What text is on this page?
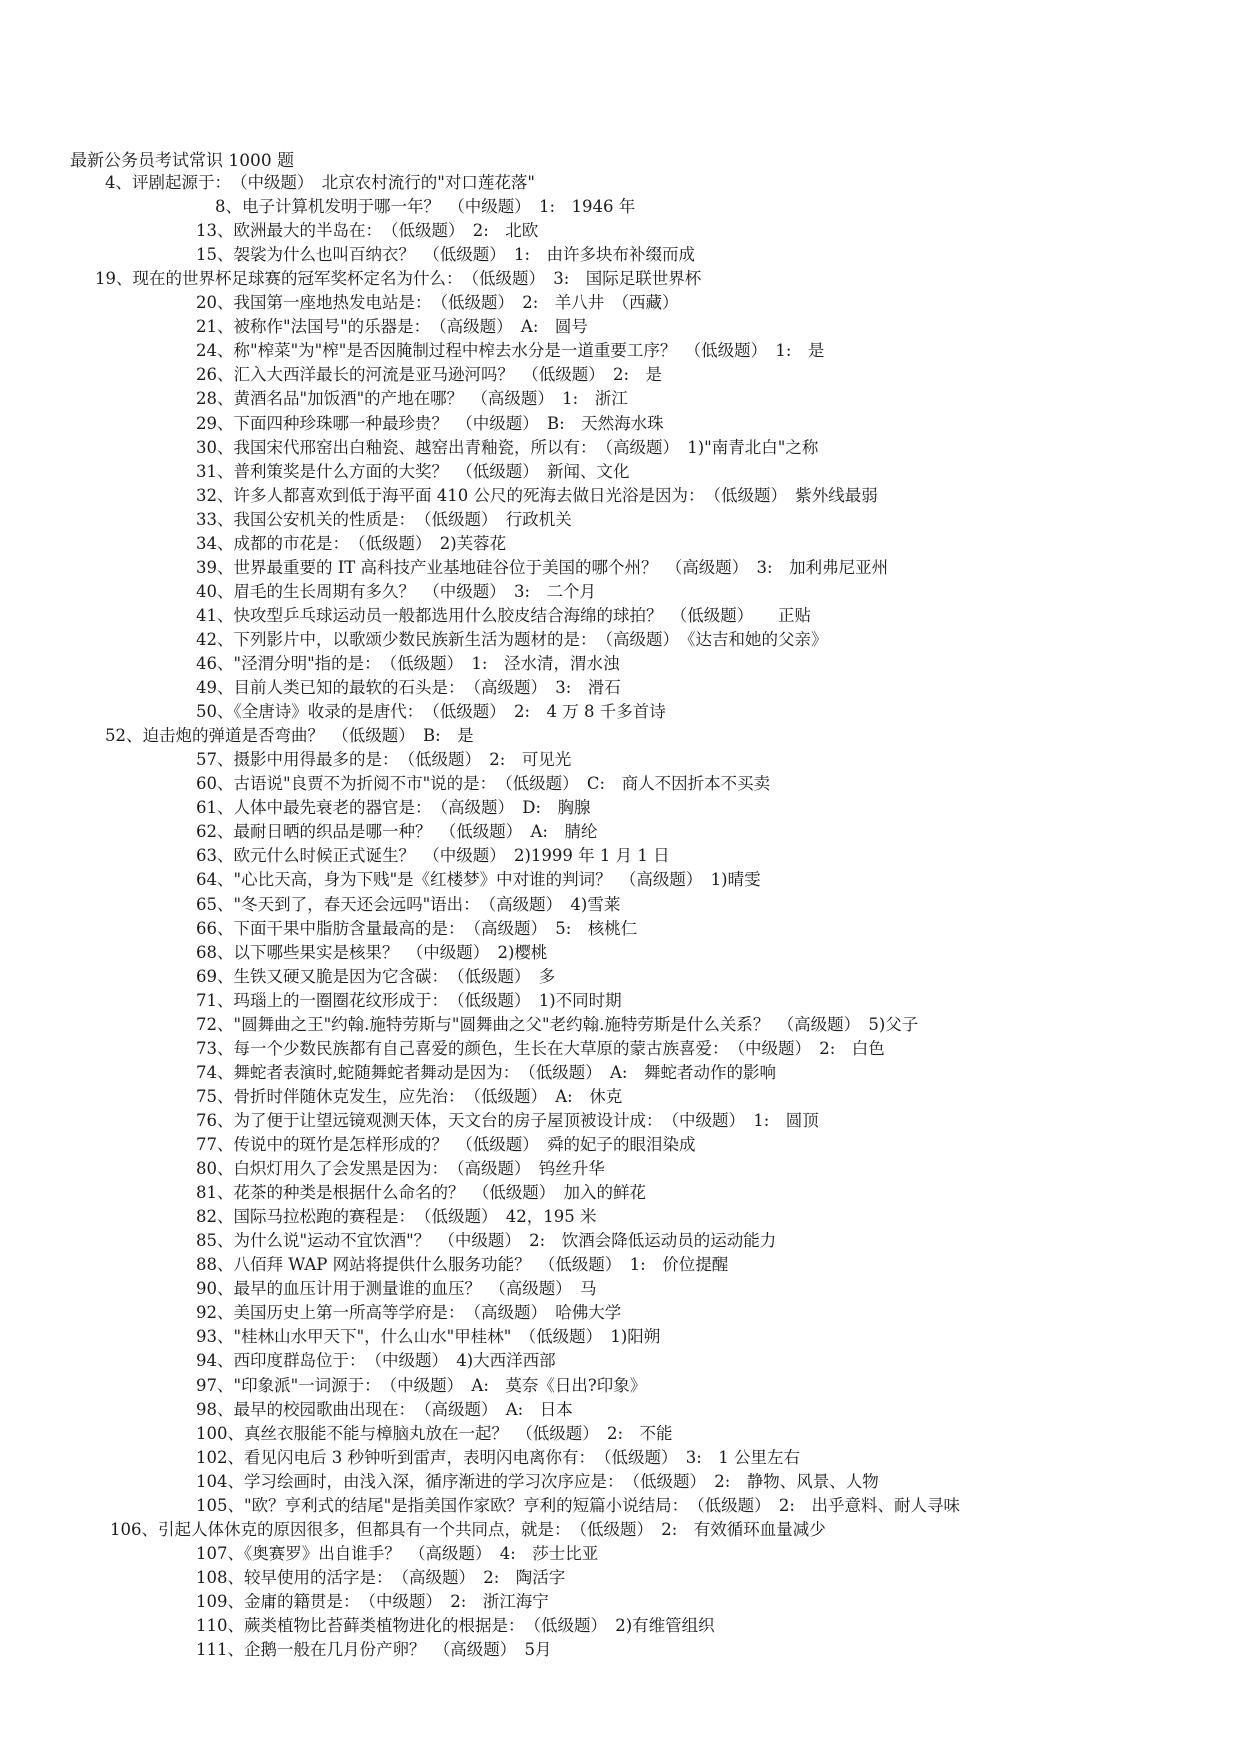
最新公务员考试常识 1000 题
4、评剧起源于：　（中级题）　北京农村流行的"对口莲花落"
8、电子计算机发明于哪一年？　（中级题）　1:　1946 年
13、欧洲最大的半岛在：　（低级题）　2:　北欧
15、袈裟为什么也叫百纳衣？　（低级题）　1:　由许多块布补缀而成
19、现在的世界杯足球赛的冠军奖杯定名为什么：　（低级题）　3:　国际足联世界杯
20、我国第一座地热发电站是：　（低级题）　2:　羊八井　（西藏）
21、被称作"法国号"的乐器是：　（高级题）　A:　圆号
24、称"榨菜"为"榨"是否因腌制过程中榨去水分是一道重要工序？　（低级题）　1:　是
26、汇入大西洋最长的河流是亚马逊河吗？　（低级题）　2:　是
28、黄酒名品"加饭酒"的产地在哪？　（高级题）　1:　浙江
29、下面四种珍珠哪一种最珍贵？　（中级题）　B:　天然海水珠
30、我国宋代邢窑出白釉瓷、越窑出青釉瓷，所以有：　（高级题）　1)"南青北白"之称
31、普利策奖是什么方面的大奖？　（低级题）　新闻、文化
32、许多人都喜欢到低于海平面 410 公尺的死海去做日光浴是因为：　（低级题）　紫外线最弱
33、我国公安机关的性质是：　（低级题）　行政机关
34、成都的市花是：　（低级题）　2)芙蓉花
39、世界最重要的 IT 高科技产业基地硅谷位于美国的哪个州？　（高级题）　3:　加利弗尼亚州
40、眉毛的生长周期有多久？　（中级题）　3:　二个月
41、快攻型乒乓球运动员一般都选用什么胶皮结合海绵的球拍？　（低级题）　　正贴
42、下列影片中，以歌颂少数民族新生活为题材的是：　（高级题）　《达吉和她的父亲》
46、"泾渭分明"指的是：　（低级题）　1:　泾水清，渭水浊
49、目前人类已知的最软的石头是：　（高级题）　3:　滑石
50、《全唐诗》收录的是唐代：　（低级题）　2:　4 万 8 千多首诗
52、迫击炮的弹道是否弯曲？　（低级题）　B:　是
57、摄影中用得最多的是：　（低级题）　2:　可见光
60、古语说"良贾不为折阅不市"说的是：　（低级题）　C:　商人不因折本不买卖
61、人体中最先衰老的器官是：　（高级题）　D:　胸腺
62、最耐日晒的织品是哪一种？　（低级题）　A:　腈纶
63、欧元什么时候正式诞生？　（中级题）　2)1999 年 1 月 1 日
64、"心比天高，身为下贱"是《红楼梦》中对谁的判词？　（高级题）　1)晴雯
65、"冬天到了，春天还会远吗"语出：　（高级题）　4)雪莱
66、下面干果中脂肪含量最高的是：　（高级题）　5:　核桃仁
68、以下哪些果实是核果？　（中级题）　2)樱桃
69、生铁又硬又脆是因为它含碳：　（低级题）　多
71、玛瑙上的一圈圈花纹形成于：　（低级题）　1)不同时期
72、"圆舞曲之王"约翰.施特劳斯与"圆舞曲之父"老约翰.施特劳斯是什么关系？　（高级题）　5)父子
73、每一个少数民族都有自己喜爱的颜色，生长在大草原的蒙古族喜爱：　（中级题）　2:　白色
74、舞蛇者表演时,蛇随舞蛇者舞动是因为：　（低级题）　A:　舞蛇者动作的影响
75、骨折时伴随休克发生，应先治：　（低级题）　A:　休克
76、为了便于让望远镜观测天体，天文台的房子屋顶被设计成：　（中级题）　1:　圆顶
77、传说中的斑竹是怎样形成的？　（低级题）　舜的妃子的眼泪染成
80、白炽灯用久了会发黑是因为：　（高级题）　钨丝升华
81、花茶的种类是根据什么命名的？　（低级题）　加入的鲜花
82、国际马拉松跑的赛程是：　（低级题）　42，195 米
85、为什么说"运动不宜饮酒"？　（中级题）　2:　饮酒会降低运动员的运动能力
88、八佰拜 WAP 网站将提供什么服务功能？　（低级题）　1:　价位提醒
90、最早的血压计用于测量谁的血压？　（高级题）　马
92、美国历史上第一所高等学府是：　（高级题）　哈佛大学
93、"桂林山水甲天下"，什么山水"甲桂林"　（低级题）　1)阳朔
94、西印度群岛位于：　（中级题）　4)大西洋西部
97、"印象派"一词源于：　（中级题）　A:　莫奈《日出?印象》
98、最早的校园歌曲出现在：　（高级题）　A:　日本
100、真丝衣服能不能与樟脑丸放在一起？　（低级题）　2:　不能
102、看见闪电后 3 秒钟听到雷声，表明闪电离你有：　（低级题）　3:　1 公里左右
104、学习绘画时，由浅入深，循序渐进的学习次序应是：　（低级题）　2:　静物、风景、人物
105、"欧？亨利式的结尾"是指美国作家欧？亨利的短篇小说结局：　（低级题）　2:　出乎意料、耐人寻味
106、引起人体休克的原因很多，但都具有一个共同点，就是：　（低级题）　2:　有效循环血量减少
107、《奥赛罗》出自谁手？　（高级题）　4:　莎士比亚
108、较早使用的活字是：　（高级题）　2:　陶活字
109、金庸的籍贯是：　（中级题）　2:　浙江海宁
110、蕨类植物比苔藓类植物进化的根据是：　（低级题）　2)有维管组织
111、企鹅一般在几月份产卵？　（高级题）　5月
